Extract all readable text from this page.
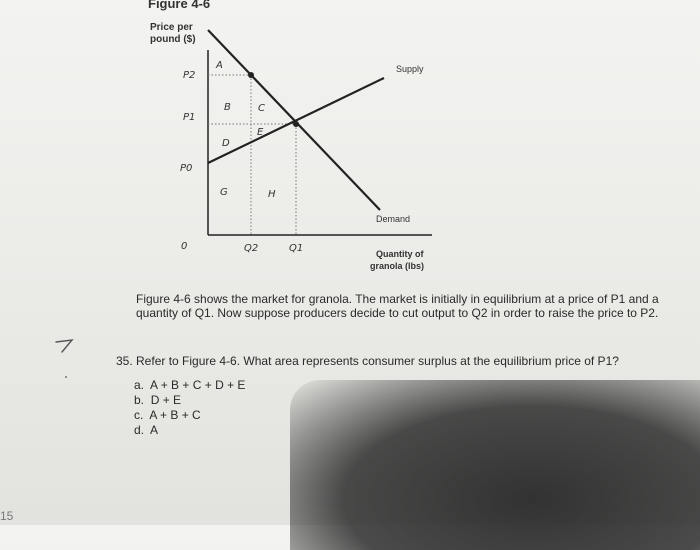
Figure 4-6
Price per
pound ($)
P2
P1
P0
A
B	C
E
D
G	H
0	Q2	Q1
Supply
Demand
Quantity of
granola (lbs)
Figure 4-6 shows the market for granola. The market is initially in equilibrium at a price of P1 and a quantity of Q1. Now suppose producers decide to cut output to Q2 in order to raise the price to P2.
35. Refer to Figure 4-6. What area represents consumer surplus at the equilibrium price of P1?
a. A + B + C + D + E
b. D + E
c. A + B + C
d. A
15
